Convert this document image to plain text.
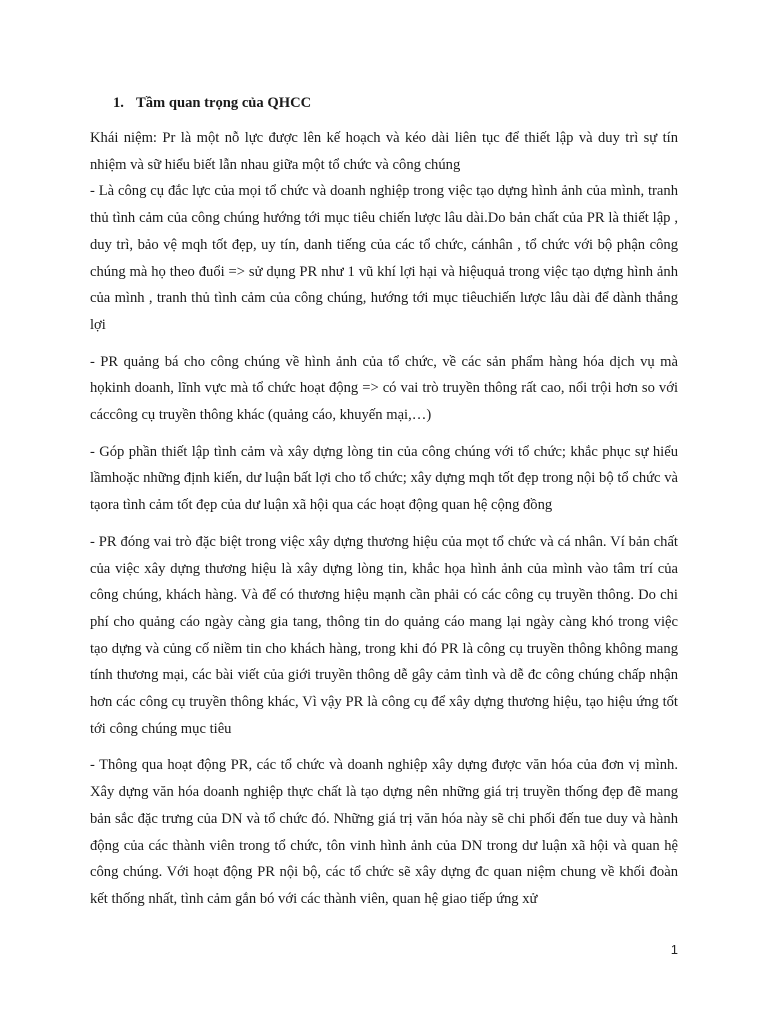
1. Tầm quan trọng của QHCC

Khái niệm: Pr là một nỗ lực được lên kế hoạch và kéo dài liên tục để thiết lập và duy trì sự tín nhiệm và sữ hiểu biết lẫn nhau giữa một tổ chức và công chúng

- Là công cụ đắc lực của mọi tổ chức và doanh nghiệp trong việc tạo dựng hình ảnh của mình, tranh thủ tình cảm của công chúng hướng tới mục tiêu chiến lược lâu dài.Do bản chất của PR là thiết lập , duy trì, bảo vệ mqh tốt đẹp, uy tín, danh tiếng của các tổ chức, cánhân , tổ chức với bộ phận công chúng mà họ theo đuổi => sử dụng PR như 1 vũ khí lợi hại và hiệuquả trong việc tạo dựng hình ảnh của mình , tranh thủ tình cảm của công chúng, hướng tới mục tiêuchiến lược lâu dài để dành thắng lợi

- PR quảng bá cho công chúng về hình ảnh của tổ chức, về các sản phẩm hàng hóa dịch vụ mà họkinh doanh, lĩnh vực mà tổ chức hoạt động => có vai trò truyền thông rất cao, nổi trội hơn so với cáccông cụ truyền thông khác (quảng cáo, khuyến mại,…)

- Góp phần thiết lập tình cảm và xây dựng lòng tin của công chúng với tổ chức; khắc phục sự hiểu lầmhoặc những định kiến, dư luận bất lợi cho tổ chức; xây dựng mqh tốt đẹp trong nội bộ tổ chức và tạora tình cảm tốt đẹp của dư luận xã hội qua các hoạt động quan hệ cộng đồng

- PR đóng vai trò đặc biệt trong việc xây dựng thương hiệu của mọt tổ chức và cá nhân. Ví bản chất của việc xây dựng thương hiệu là xây dựng lòng tin, khắc họa hình ảnh của mình vào tâm trí của công chúng, khách hàng. Và để có thương hiệu mạnh cần phải có các công cụ truyền thông. Do chi phí cho quảng cáo ngày càng gia tang, thông tin do quảng cáo mang lại ngày càng khó trong việc tạo dựng và củng cố niềm tin cho khách hàng, trong khi đó PR là công cụ truyền thông không mang tính thương mại, các bài viết của giới truyền thông dễ gây cảm tình và dễ đc công chúng chấp nhận hơn các công cụ truyền thông khác, Vì vậy PR là công cụ để xây dựng thương hiệu, tạo hiệu ứng tốt tới công chúng mục tiêu

- Thông qua hoạt động PR, các tổ chức và doanh nghiệp xây dựng được văn hóa của đơn vị mình. Xây dựng văn hóa doanh nghiệp thực chất là tạo dựng nên những giá trị truyền thống đẹp đẽ mang bản sắc đặc trưng của DN và tổ chức đó. Những giá trị văn hóa này sẽ chi phối đến tue duy và hành động của các thành viên trong tổ chức, tôn vinh hình ảnh của DN trong dư luận xã hội và quan hệ công chúng. Với hoạt động PR nội bộ, các tổ chức sẽ xây dựng đc quan niệm chung về khối đoàn kết thống nhất, tình cảm gắn bó với các thành viên, quan hệ giao tiếp ứng xử

1
